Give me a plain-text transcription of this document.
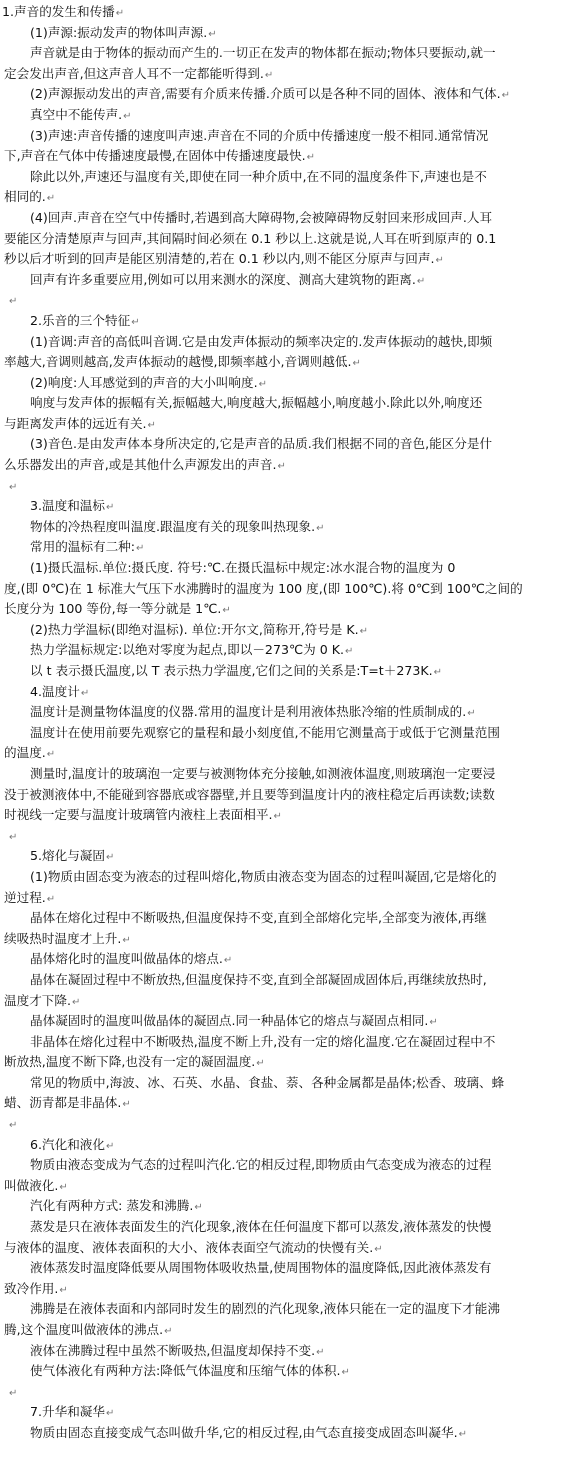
1.声音的发生和传播↵
(1)声源:振动发声的物体叫声源.↵
声音就是由于物体的振动而产生的.一切正在发声的物体都在振动;物体只要振动,就一
定会发出声音,但这声音人耳不一定都能听得到.↵
(2)声源振动发出的声音,需要有介质来传播.介质可以是各种不同的固体、液体和气体.↵
真空中不能传声.↵
(3)声速:声音传播的速度叫声速.声音在不同的介质中传播速度一般不相同.通常情况
下,声音在气体中传播速度最慢,在固体中传播速度最快.↵
除此以外,声速还与温度有关,即使在同一种介质中,在不同的温度条件下,声速也是不
相同的.↵
(4)回声.声音在空气中传播时,若遇到高大障碍物,会被障碍物反射回来形成回声.人耳
要能区分清楚原声与回声,其间隔时间必须在 0.1 秒以上.这就是说,人耳在听到原声的 0.1
秒以后才听到的回声是能区别清楚的,若在 0.1 秒以内,则不能区分原声与回声.↵
回声有许多重要应用,例如可以用来测水的深度、测高大建筑物的距离.↵
↵
2.乐音的三个特征↵
(1)音调:声音的高低叫音调.它是由发声体振动的频率决定的.发声体振动的越快,即频
率越大,音调则越高,发声体振动的越慢,即频率越小,音调则越低.↵
(2)响度:人耳感觉到的声音的大小叫响度.↵
响度与发声体的振幅有关,振幅越大,响度越大,振幅越小,响度越小.除此以外,响度还
与距离发声体的远近有关.↵
(3)音色.是由发声体本身所决定的,它是声音的品质.我们根据不同的音色,能区分是什
么乐器发出的声音,或是其他什么声源发出的声音.↵
↵
3.温度和温标↵
物体的冷热程度叫温度.跟温度有关的现象叫热现象.↵
常用的温标有二种:↵
(1)摄氏温标.单位:摄氏度. 符号:℃.在摄氏温标中规定:冰水混合物的温度为 0
度,(即 0℃)在 1 标准大气压下水沸腾时的温度为 100 度,(即 100℃).将 0℃到 100℃之间的
长度分为 100 等份,每一等分就是 1℃.↵
(2)热力学温标(即绝对温标). 单位:开尔文,简称开,符号是 K.↵
热力学温标规定:以绝对零度为起点,即以－273℃为 0 K.↵
以 t 表示摄氏温度,以 T 表示热力学温度,它们之间的关系是:T=t＋273K.↵
4.温度计↵
温度计是测量物体温度的仪器.常用的温度计是利用液体热胀冷缩的性质制成的.↵
温度计在使用前要先观察它的量程和最小刻度值,不能用它测量高于或低于它测量范围
的温度.↵
测量时,温度计的玻璃泡一定要与被测物体充分接触,如测液体温度,则玻璃泡一定要浸
没于被测液体中,不能碰到容器底或容器壁,并且要等到温度计内的液柱稳定后再读数;读数
时视线一定要与温度计玻璃管内液柱上表面相平.↵
↵
5.熔化与凝固↵
(1)物质由固态变为液态的过程叫熔化,物质由液态变为固态的过程叫凝固,它是熔化的
逆过程.↵
晶体在熔化过程中不断吸热,但温度保持不变,直到全部熔化完毕,全部变为液体,再继
续吸热时温度才上升.↵
晶体熔化时的温度叫做晶体的熔点.↵
晶体在凝固过程中不断放热,但温度保持不变,直到全部凝固成固体后,再继续放热时,
温度才下降.↵
晶体凝固时的温度叫做晶体的凝固点.同一种晶体它的熔点与凝固点相同.↵
非晶体在熔化过程中不断吸热,温度不断上升,没有一定的熔化温度.它在凝固过程中不
断放热,温度不断下降,也没有一定的凝固温度.↵
常见的物质中,海波、冰、石英、水晶、食盐、萘、各种金属都是晶体;松香、玻璃、蜂
蜡、沥青都是非晶体.↵
↵
6.汽化和液化↵
物质由液态变成为气态的过程叫汽化.它的相反过程,即物质由气态变成为液态的过程
叫做液化.↵
汽化有两种方式: 蒸发和沸腾.↵
蒸发是只在液体表面发生的汽化现象,液体在任何温度下都可以蒸发,液体蒸发的快慢
与液体的温度、液体表面积的大小、液体表面空气流动的快慢有关.↵
液体蒸发时温度降低要从周围物体吸收热量,使周围物体的温度降低,因此液体蒸发有
致冷作用.↵
沸腾是在液体表面和内部同时发生的剧烈的汽化现象,液体只能在一定的温度下才能沸
腾,这个温度叫做液体的沸点.↵
液体在沸腾过程中虽然不断吸热,但温度却保持不变.↵
使气体液化有两种方法:降低气体温度和压缩气体的体积.↵
↵
7.升华和凝华↵
物质由固态直接变成气态叫做升华,它的相反过程,由气态直接变成固态叫凝华.↵
